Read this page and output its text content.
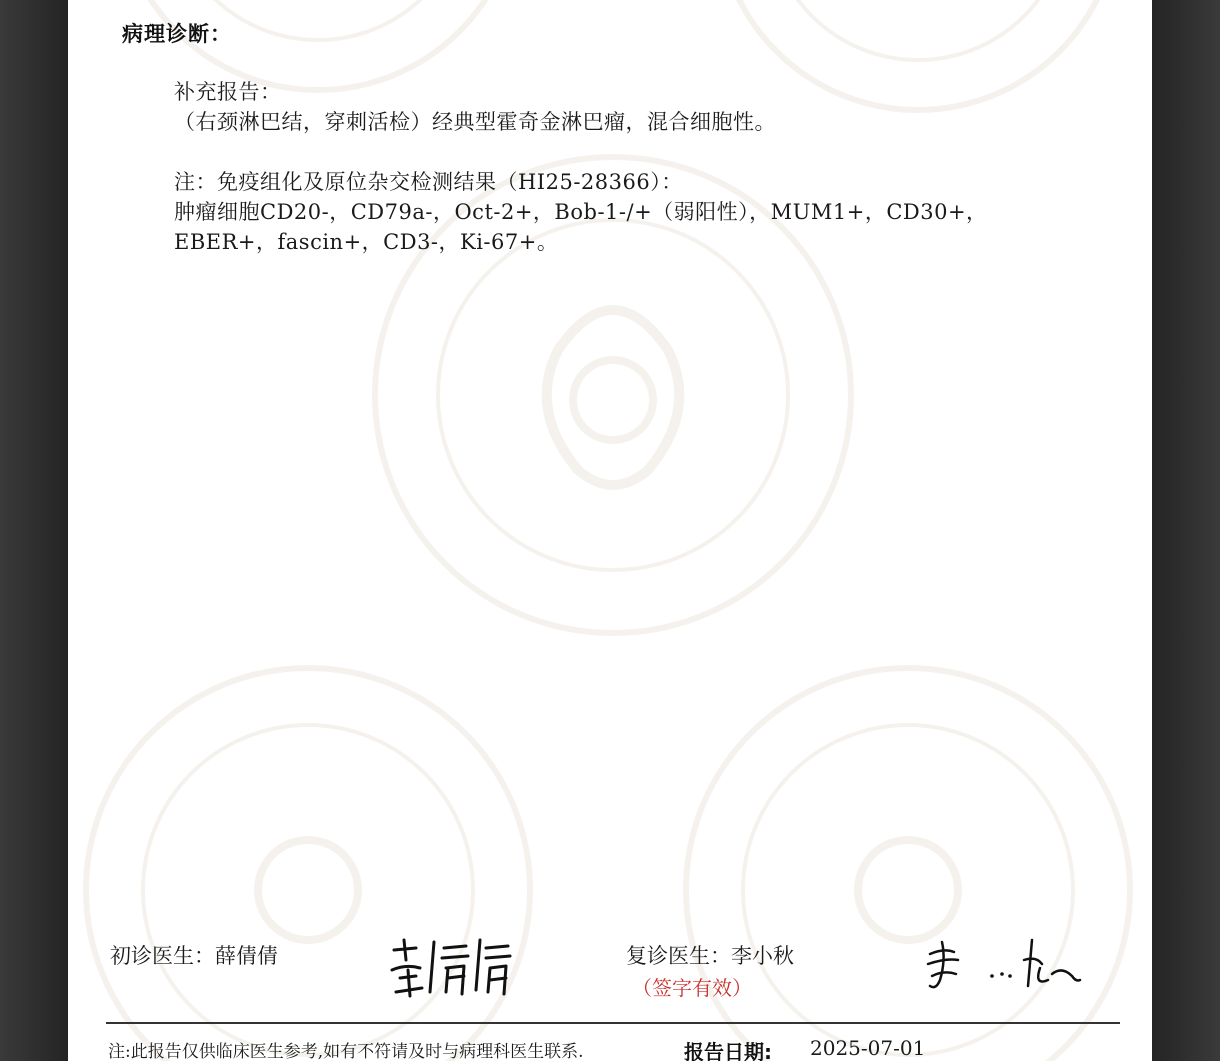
病理诊断：
补充报告：
（右颈淋巴结，穿刺活检）经典型霍奇金淋巴瘤，混合细胞性。
注：免疫组化及原位杂交检测结果（HI25-28366）：
肿瘤细胞CD20-，CD79a-，Oct-2+，Bob-1-/+（弱阳性），MUM1+，CD30+，
EBER+，fascin+，CD3-，Ki-67+。
初诊医生：薛倩倩	复诊医生：李小秋
（签字有效）
注:此报告仅供临床医生参考,如有不符请及时与病理科医生联系.	报告日期: 2025-07-01
